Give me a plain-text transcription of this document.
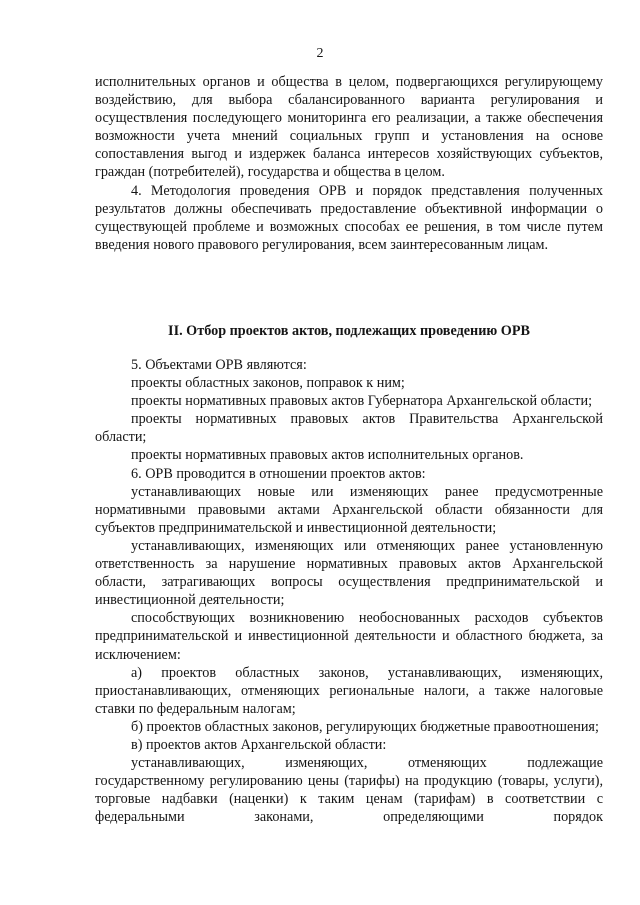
2

исполнительных органов и общества в целом, подвергающихся регулирующему воздействию, для выбора сбалансированного варианта регулирования и осуществления последующего мониторинга его реализации, а также обеспечения возможности учета мнений социальных групп и установления на основе сопоставления выгод и издержек баланса интересов хозяйствующих субъектов, граждан (потребителей), государства и общества в целом.

4. Методология проведения ОРВ и порядок представления полученных результатов должны обеспечивать предоставление объективной информации о существующей проблеме и возможных способах ее решения, в том числе путем введения нового правового регулирования, всем заинтересованным лицам.

II. Отбор проектов актов, подлежащих проведению ОРВ

5. Объектами ОРВ являются:

проекты областных законов, поправок к ним;

проекты нормативных правовых актов Губернатора Архангельской области;

проекты нормативных правовых актов Правительства Архангельской области;

проекты нормативных правовых актов исполнительных органов.

6. ОРВ проводится в отношении проектов актов:

устанавливающих новые или изменяющих ранее предусмотренные нормативными правовыми актами Архангельской области обязанности для субъектов предпринимательской и инвестиционной деятельности;

устанавливающих, изменяющих или отменяющих ранее установленную ответственность за нарушение нормативных правовых актов Архангельской области, затрагивающих вопросы осуществления предпринимательской и инвестиционной деятельности;

способствующих возникновению необоснованных расходов субъектов предпринимательской и инвестиционной деятельности и областного бюджета, за исключением:

а) проектов областных законов, устанавливающих, изменяющих, приостанавливающих, отменяющих региональные налоги, а также налоговые ставки по федеральным налогам;

б) проектов областных законов, регулирующих бюджетные правоотношения;

в) проектов актов Архангельской области:

устанавливающих, изменяющих, отменяющих подлежащие государственному регулированию цены (тарифы) на продукцию (товары, услуги), торговые надбавки (наценки) к таким ценам (тарифам) в соответствии с федеральными законами, определяющими порядок
